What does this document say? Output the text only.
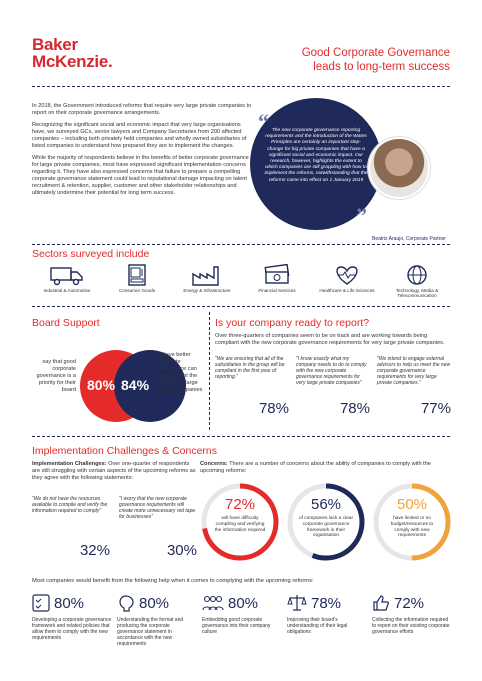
Baker
McKenzie.	Good Corporate Governance
leads to long-term success

In 2018, the Government introduced reforms that require very large private companies to report on their corporate governance arrangements.

Recognizing the significant social and economic impact that very large organisations have, we surveyed GCs, senior lawyers and Company Secretaries from 200 affected companies – including both privately held companies and wholly owned subsidiaries of listed companies to understand how prepared they are to implement the changes.

While the majority of respondents believe in the benefits of better corporate governance for large private companies, most have expressed significant implementation concerns regarding it. They have also expressed concerns that failure to prepare a compelling corporate governance statement could lead to reputational damage impacting on talent recruitment & retention, supplier, customer and other stakeholder relationships and ultimately undermine their potential for long term success.

“
”
The new corporate governance reporting requirements and the introduction of the Wates Principles are certainly an important step-change for big private companies that have a significant social and economic impact. Our research, however, highlights the extent to which companies are still grappling with how to implement the reforms, notwithstanding that the reforms came into effect on 1 January 2019
Beatriz Araujo, Corporate Partner
Sectors surveyed include
Industrial & Automotive	Consumer Goods	Energy & Infrastructure	Financial Services	Healthcare & Life Sciences	Technology, Media & Telecommunication
Board Support
say that good corporate governance is a priority for their board 80% 84%
believe better corporate governance can help prevent the collapse of large private companies
Is your company ready to report?
Over three-quarters of companies seem to be on track and are working towards being compliant with the new corporate governance requirements for very large private companies.
"We are ensuring that all of the subsidiaries in the group will be compliant in the first year of reporting."
78%
"I know exactly what my company needs to do to comply with the new corporate governance requirements for very large private companies"
78%
"We intend to engage external advisors to help us meet the new corporate governance requirements for very large private companies."
77%
Implementation Challenges & Concerns
Implementation Challenges: Over one-quarter of respondents are still struggling with certain aspects of the upcoming reforms as they agree with the following statements:
"We do not have the resources available to compile and verify the information required to comply"
32%
"I worry that the new corporate governance requirements will create more unnecessary red tape for businesses"
30%
Concerns: There are a number of concerns about the ability of companies to comply with the upcoming reforms:
72%
will have difficulty compiling and verifying the information required
56%
of companies lack a clear corporate governance framework in their organisation
50%
have limited or no budget/resources to comply with new requirements
Most companies would benefit from the following help when it comes to complying with the upcoming reforms:
80%
Developing a corporate governance framework and related policies that allow them to comply with the new requirements
80%
Understanding the format and producing the corporate governance statement in accordance with the new requirements
80%
Embedding good corporate governance into their company culture
78%
Improving their board's understanding of their legal obligations
72%
Collecting the information required to report on their existing corporate governance efforts
